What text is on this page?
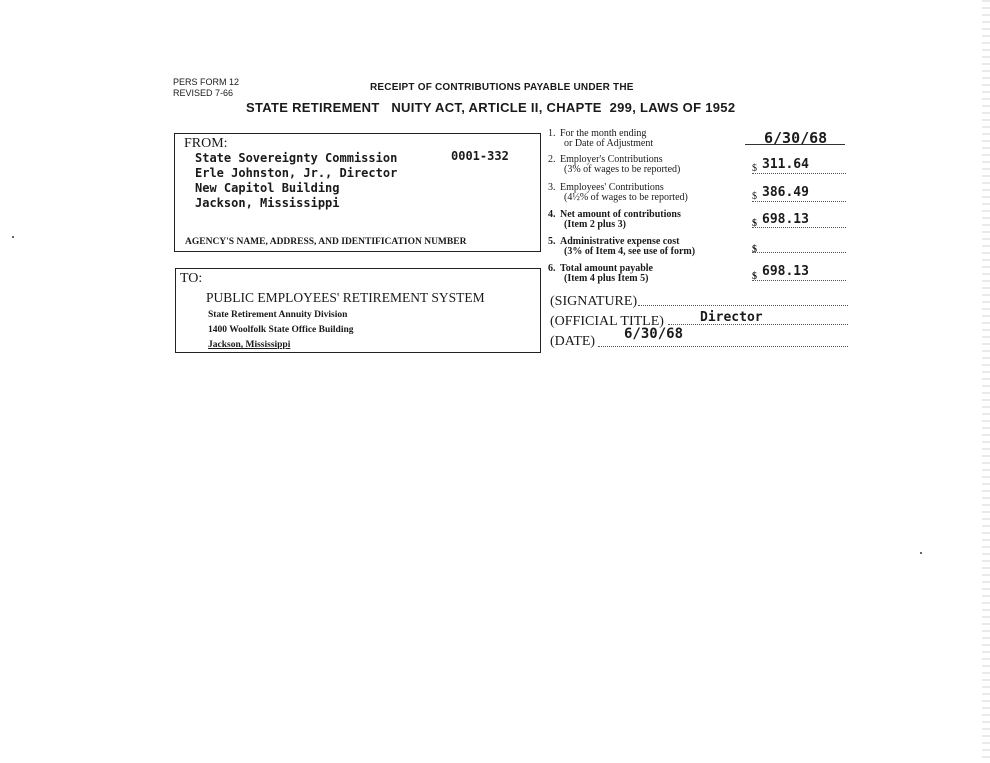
PERS FORM 12
REVISED 7-66	RECEIPT OF CONTRIBUTIONS PAYABLE UNDER THE
STATE RETIREMENT   NUITY ACT, ARTICLE II, CHAPTE  299, LAWS OF 1952
FROM:
State Sovereignty Commission	0001-332
Erle Johnston, Jr., Director
New Capitol Building
Jackson, Mississippi
AGENCY'S NAME, ADDRESS, AND IDENTIFICATION NUMBER
TO:
PUBLIC EMPLOYEES' RETIREMENT SYSTEM
State Retirement Annuity Division
1400 Woolfolk State Office Building
Jackson, Mississippi
1. For the month ending
or Date of Adjustment	6/30/68
2. Employer's Contributions
(3% of wages to be reported)	$ 311.64
3. Employees' Contributions
(4½% of wages to be reported)	$ 386.49
4. Net amount of contributions
(Item 2 plus 3)	$ 698.13
5. Administrative expense cost
(3% of Item 4, see use of form)	$
6. Total amount payable
(Item 4 plus Item 5)	$ 698.13
(SIGNATURE)
(OFFICIAL TITLE)	Director
(DATE) 6/30/68
